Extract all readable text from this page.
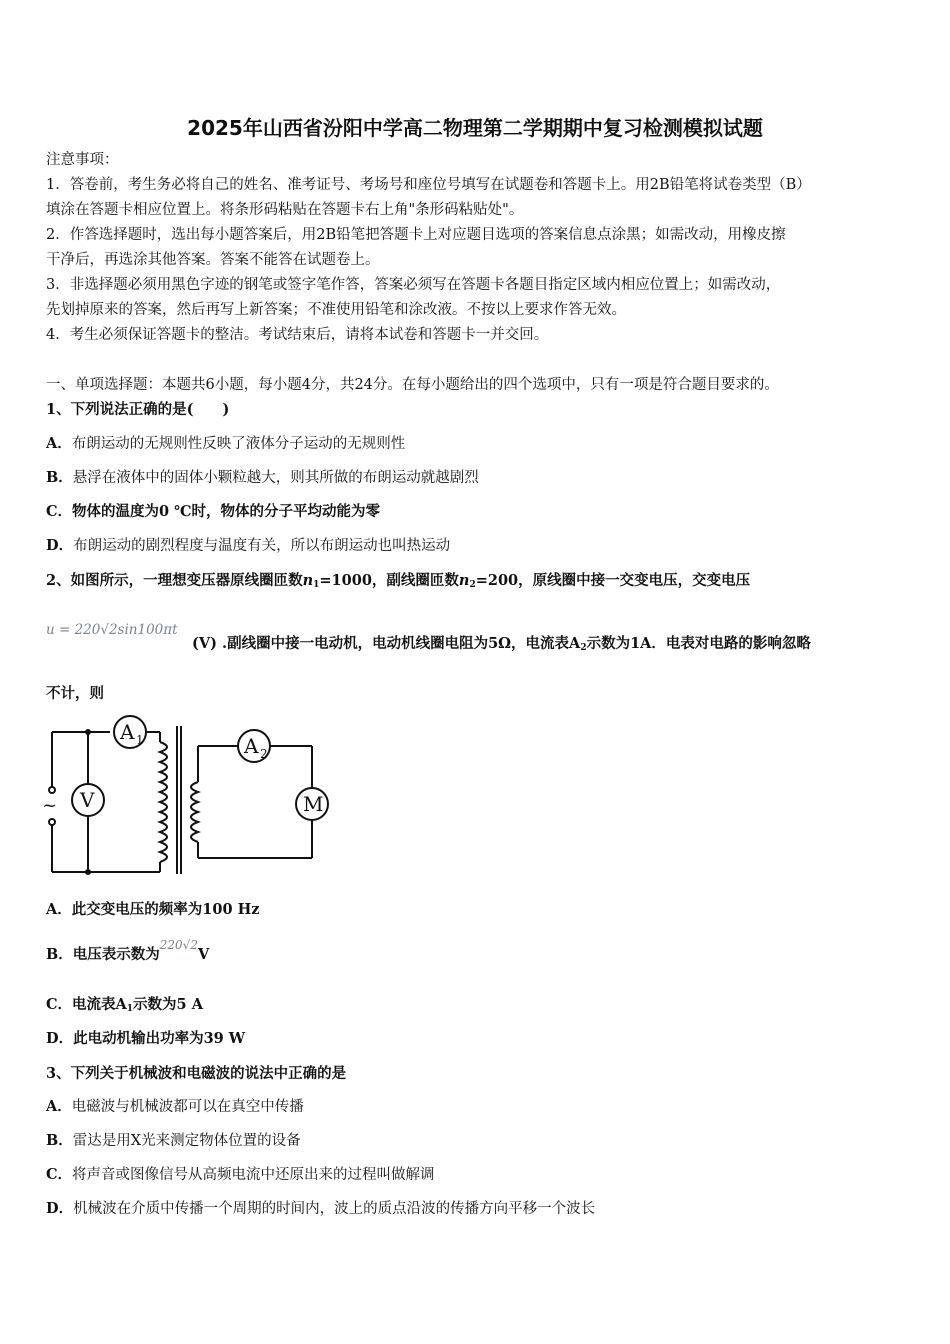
2025年山西省汾阳中学高二物理第二学期期中复习检测模拟试题
注意事项：
1．答卷前，考生务必将自己的姓名、准考证号、考场号和座位号填写在试题卷和答题卡上。用2B铅笔将试卷类型（B）
填涂在答题卡相应位置上。将条形码粘贴在答题卡右上角"条形码粘贴处"。
2．作答选择题时，选出每小题答案后，用2B铅笔把答题卡上对应题目选项的答案信息点涂黑；如需改动，用橡皮擦
干净后，再选涂其他答案。答案不能答在试题卷上。
3．非选择题必须用黑色字迹的钢笔或签字笔作答，答案必须写在答题卡各题目指定区域内相应位置上；如需改动，
先划掉原来的答案，然后再写上新答案；不准使用铅笔和涂改液。不按以上要求作答无效。
4．考生必须保证答题卡的整洁。考试结束后，请将本试卷和答题卡一并交回。
一、单项选择题：本题共6小题，每小题4分，共24分。在每小题给出的四个选项中，只有一项是符合题目要求的。
1、下列说法正确的是(　　)
A．布朗运动的无规则性反映了液体分子运动的无规则性
B．悬浮在液体中的固体小颗粒越大，则其所做的布朗运动就越剧烈
C．物体的温度为0 ℃时，物体的分子平均动能为零
D．布朗运动的剧烈程度与温度有关，所以布朗运动也叫热运动
2、如图所示，一理想变压器原线圈匝数$n_1=1000$，副线圈匝数$n_2=200$，原线圈中接一交变电压，交变电压
u = 220√2sin100πt
(V) .副线圈中接一电动机，电动机线圈电阻为5Ω，电流表$A_2$示数为1A．电表对电路的影响忽略
不计，则
A 1	A 2
V	M
~
A．此交变电压的频率为100 Hz
B．电压表示数为$^{220√2}$V
C．电流表$A_1$示数为5 A
D．此电动机输出功率为39 W
3、下列关于机械波和电磁波的说法中正确的是
A．电磁波与机械波都可以在真空中传播
B．雷达是用X光来测定物体位置的设备
C．将声音或图像信号从高频电流中还原出来的过程叫做解调
D．机械波在介质中传播一个周期的时间内，波上的质点沿波的传播方向平移一个波长
